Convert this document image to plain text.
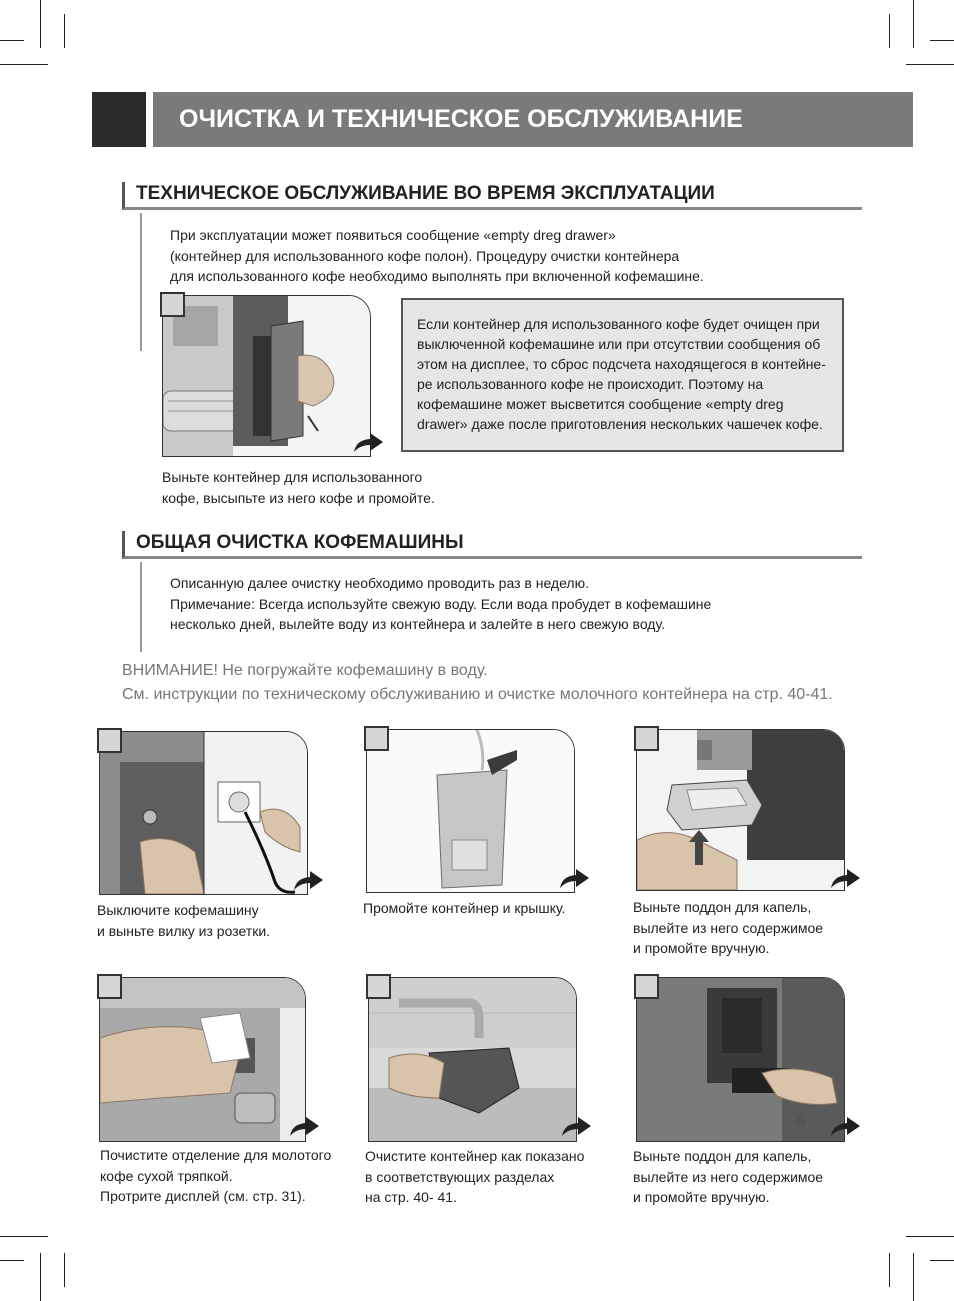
ОЧИСТКА И ТЕХНИЧЕСКОЕ ОБСЛУЖИВАНИЕ
ТЕХНИЧЕСКОЕ ОБСЛУЖИВАНИЕ ВО ВРЕМЯ ЭКСПЛУАТАЦИИ
При эксплуатации может появиться сообщение «empty dreg drawer»
(контейнер для использованного кофе полон). Процедуру очистки контейнера
для использованного кофе необходимо выполнять при включенной кофемашине.
Выньте контейнер для использованного
кофе, высыпьте из него кофе и промойте.
Если контейнер для использованного кофе будет очищен при
выключенной кофемашине или при отсутствии сообщения об
этом на дисплее, то сброс подсчета находящегося в контейне-
ре использованного кофе не происходит. Поэтому на
кофемашине может высветится сообщение «empty dreg
drawer» даже после приготовления нескольких чашечек кофе.
ОБЩАЯ ОЧИСТКА КОФЕМАШИНЫ
Описанную далее очистку необходимо проводить раз в неделю.
Примечание: Всегда используйте свежую воду. Если вода пробудет в кофемашине
несколько дней, вылейте воду из контейнера и залейте в него свежую воду.
ВНИМАНИЕ! Не погружайте кофемашину в воду.
См. инструкции по техническому обслуживанию и очистке молочного контейнера на стр. 40-41.
Выключите кофемашину
и выньте вилку из розетки.
Промойте контейнер и крышку.	Выньте поддон для капель,
вылейте из него содержимое
и промойте вручную.
Почистите отделение для молотого
кофе сухой тряпкой.
Протрите дисплей (см. стр. 31).
Очистите контейнер как показано
в соответствующих разделах
на стр. 40- 41.
Выньте поддон для капель,
вылейте из него содержимое
и промойте вручную.
